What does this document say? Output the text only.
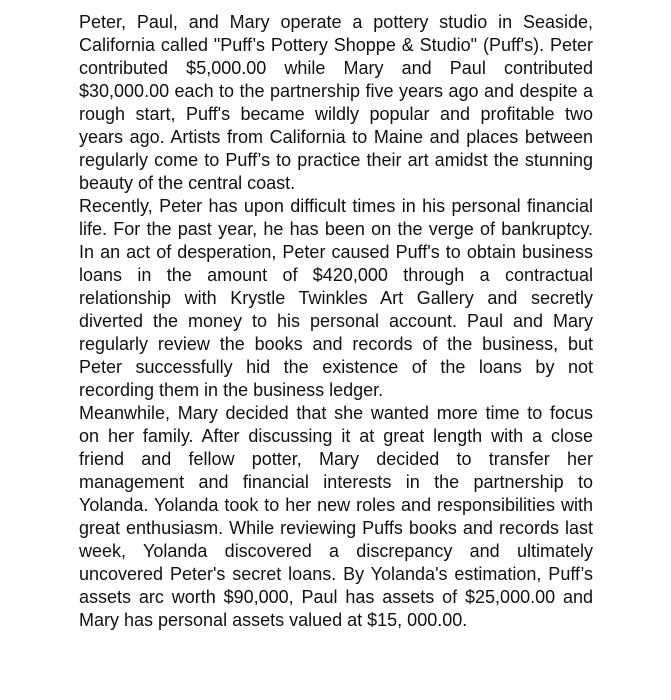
Peter, Paul, and Mary operate a pottery studio in Seaside, California called "Puff’s Pottery Shoppe & Studio" (Puff's). Peter contributed $5,000.00 while Mary and Paul contributed $30,000.00 each to the partnership five years ago and despite a rough start, Puff's became wildly popular and profitable two years ago. Artists from California to Maine and places between regularly come to Puff’s to practice their art amidst the stunning beauty of the central coast.

Recently, Peter has upon difficult times in his personal financial life. For the past year, he has been on the verge of bankruptcy. In an act of desperation, Peter caused Puff's to obtain business loans in the amount of $420,000 through a contractual relationship with Krystle Twinkles Art Gallery and secretly diverted the money to his personal account. Paul and Mary regularly review the books and records of the business, but Peter successfully hid the existence of the loans by not recording them in the business ledger.

Meanwhile, Mary decided that she wanted more time to focus on her family. After discussing it at great length with a close friend and fellow potter, Mary decided to transfer her management and financial interests in the partnership to Yolanda. Yolanda took to her new roles and responsibilities with great enthusiasm. While reviewing Puffs books and records last week, Yolanda discovered a discrepancy and ultimately uncovered Peter's secret loans. By Yolanda's estimation, Puff’s assets arc worth $90,000, Paul has assets of $25,000.00 and Mary has personal assets valued at $15, 000.00.
